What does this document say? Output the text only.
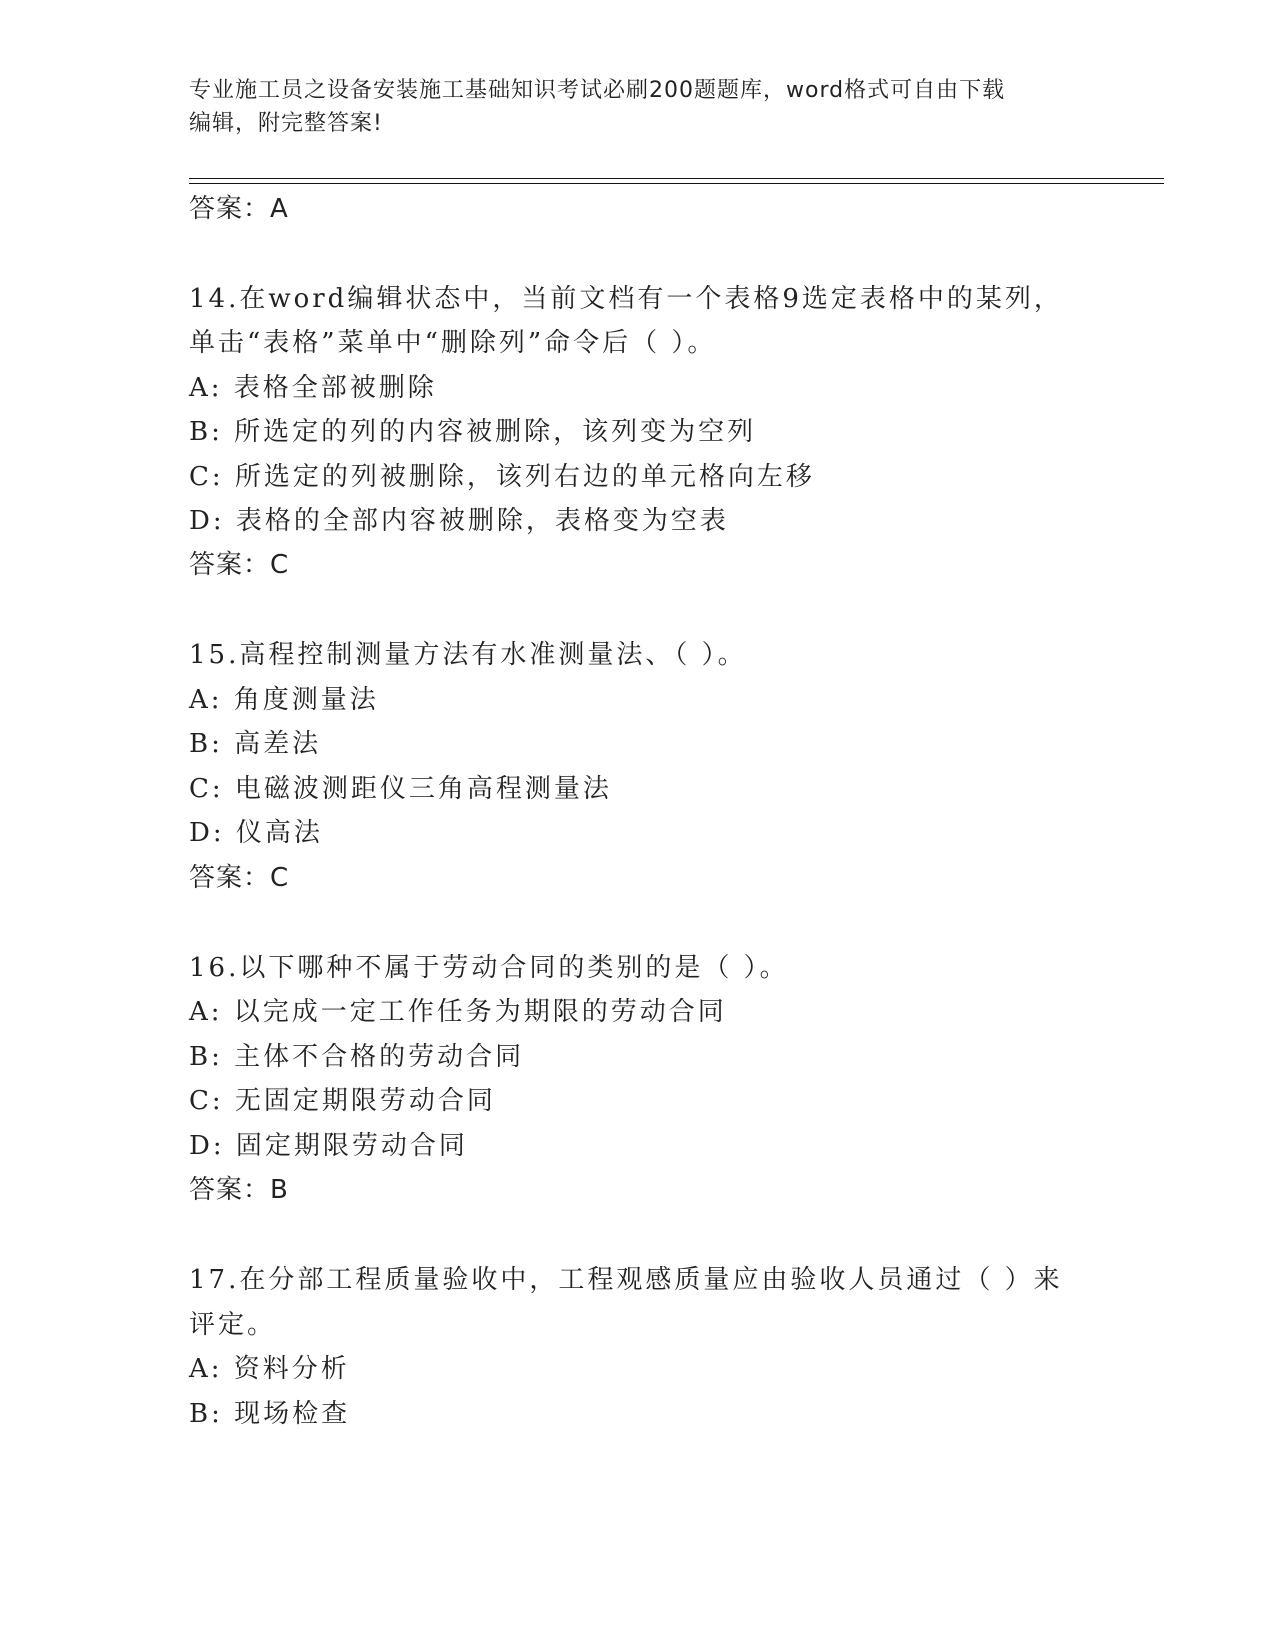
专业施工员之设备安装施工基础知识考试必刷200题题库，word格式可自由下载
编辑，附完整答案!
答案：A
14.在word编辑状态中，当前文档有一个表格9选定表格中的某列，
单击“表格”菜单中“删除列”命令后（ ）。
A: 表格全部被删除
B: 所选定的列的内容被删除，该列变为空列
C: 所选定的列被删除，该列右边的单元格向左移
D: 表格的全部内容被删除，表格变为空表
答案：C
15.高程控制测量方法有水准测量法、（ ）。
A: 角度测量法
B: 高差法
C: 电磁波测距仪三角高程测量法
D: 仪高法
答案：C
16.以下哪种不属于劳动合同的类别的是（ ）。
A: 以完成一定工作任务为期限的劳动合同
B: 主体不合格的劳动合同
C: 无固定期限劳动合同
D: 固定期限劳动合同
答案：B
17.在分部工程质量验收中，工程观感质量应由验收人员通过（ ）来
评定。
A: 资料分析
B: 现场检查
